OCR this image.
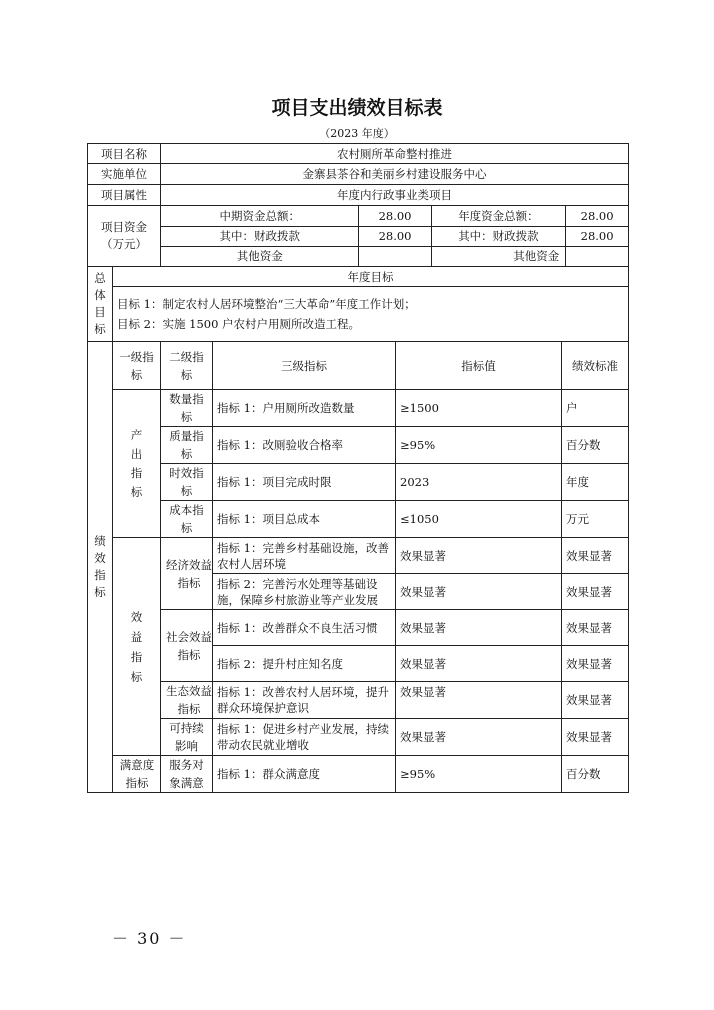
项目支出绩效目标表
（2023 年度）
项目名称	农村厕所革命整村推进
实施单位	金寨县茶谷和美丽乡村建设服务中心
项目属性	年度内行政事业类项目

项目资金
（万元）

中期资金总额：	28.00	年度资金总额：	28.00
其中：财政拨款	28.00	其中：财政拨款	28.00
其他资金		其他资金	

总体目标	年度目标

目标 1：制定农村人居环境整治“三大革命”年度工作计划；
目标 2：实施 1500 户农村户用厕所改造工程。

绩效指标	一级指标	二级指标	三级指标	指标值	绩效标准
产出指标	数量指标	指标 1：户用厕所改造数量	≥1500	户
质量指标	指标 1：改厕验收合格率	≥95%	百分数
时效指标	指标 1：项目完成时限	2023	年度
成本指标	指标 1：项目总成本	≤1050	万元
效益指标	经济效益指标	指标 1：完善乡村基础设施，改善农村人居环境	效果显著	效果显著
指标 2：完善污水处理等基础设施，保障乡村旅游业等产业发展	效果显著	效果显著
社会效益指标	指标 1：改善群众不良生活习惯	效果显著	效果显著
指标 2：提升村庄知名度	效果显著	效果显著
生态效益指标	指标 1：改善农村人居环境，提升群众环境保护意识	效果显著	效果显著
可持续影响	指标 1：促进乡村产业发展，持续带动农民就业增收	效果显著	效果显著
满意度指标	服务对象满意	指标 1：群众满意度	≥95%	百分数
－ 30 －
